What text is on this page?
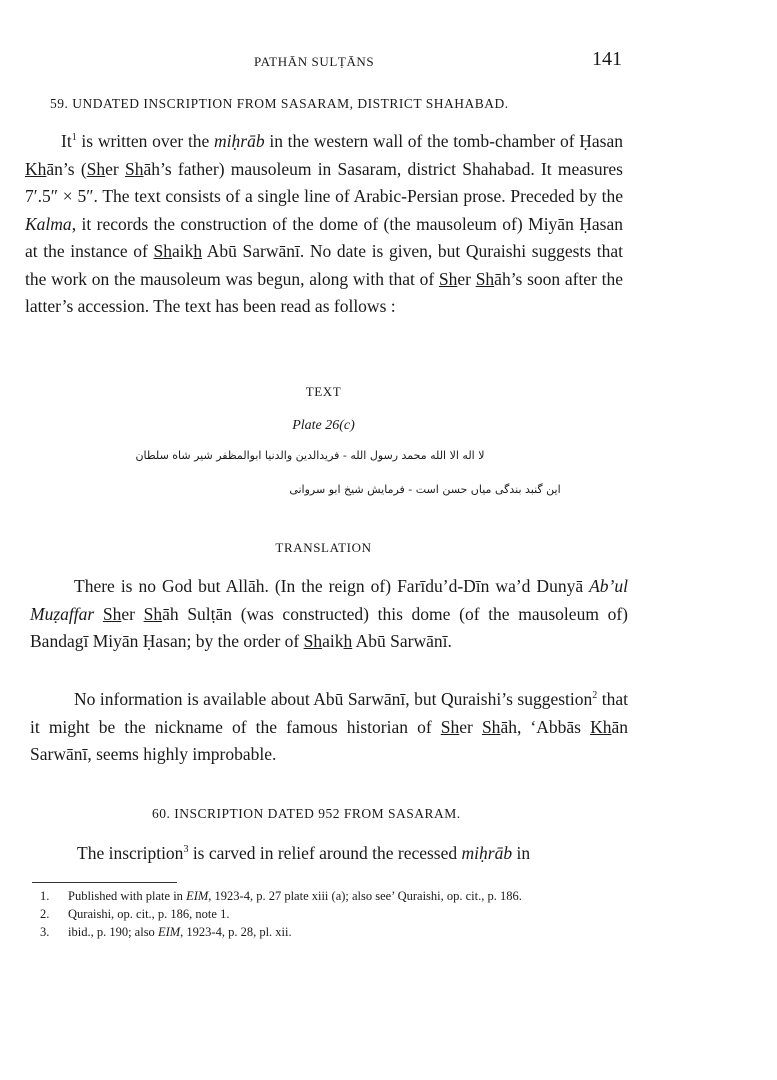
PATHĀN SULṬĀNS	141
59. UNDATED INSCRIPTION FROM SASARAM, DISTRICT SHAHABAD.

It$^1$ is written over the miḥrāb in the western wall of the tomb-chamber of Ḥasan Khān’s (Sher Shāh’s father) mausoleum in Sasaram, district Shahabad. It measures 7′.5″ × 5″. The text consists of a single line of Arabic-Persian prose. Preceded by the Kalma, it records the construction of the dome of (the mausoleum of) Miyān Ḥasan at the instance of Shaikh Abū Sarwānī. No date is given, but Quraishi suggests that the work on the mausoleum was begun, along with that of Sher Shāh’s soon after the latter’s accession. The text has been read as follows :

TEXT
Plate 26(c)
لا اله الا الله محمد رسول الله - فریدالدین والدنیا ابوالمظفر شیر شاه سلطان
این گنبد بندگی میاں حسن است - فرمایش شیخ ابو سروانی
TRANSLATION

There is no God but Allāh. (In the reign of) Farīdu’d-Dīn wa’d Dunyā Ab’ul Muẓaffar Sher Shāh Sulṭān (was constructed) this dome (of the mausoleum of) Bandagī Miyān Ḥasan; by the order of Shaikh Abū Sarwānī.

No information is available about Abū Sarwānī, but Quraishi’s suggestion$^2$ that it might be the nickname of the famous historian of Sher Shāh, ‘Abbās Khān Sarwānī, seems highly improbable.

60. INSCRIPTION DATED 952 FROM SASARAM.

The inscription$^3$ is carved in relief around the recessed miḥrāb in

1. Published with plate in EIM, 1923-4, p. 27 plate xiii (a); also see’ Quraishi, op. cit., p. 186.
2. Quraishi, op. cit., p. 186, note 1.
3. ibid., p. 190; also EIM, 1923-4, p. 28, pl. xii.
